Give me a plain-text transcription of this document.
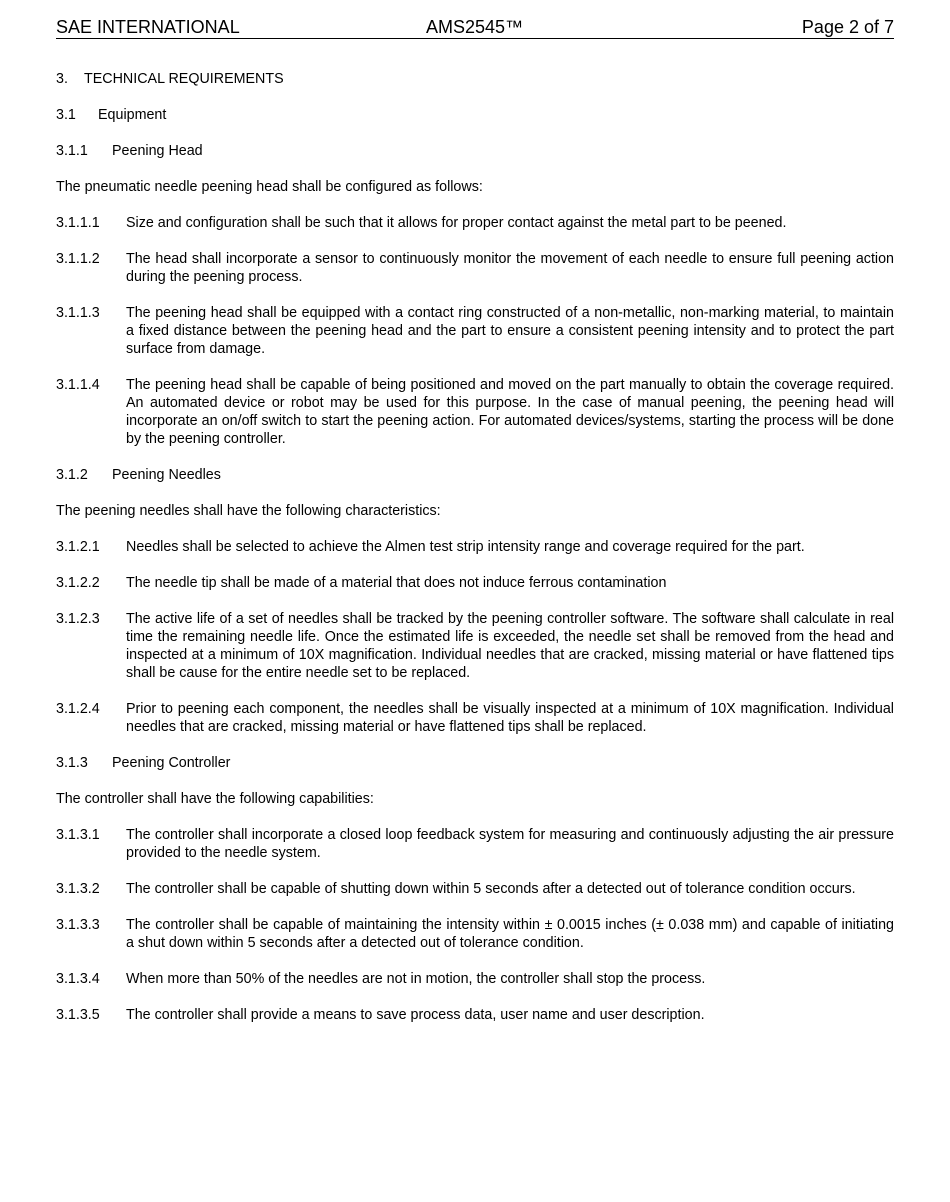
SAE INTERNATIONAL	AMS2545™	Page 2 of 7
3. TECHNICAL REQUIREMENTS
3.1 Equipment
3.1.1 Peening Head

The pneumatic needle peening head shall be configured as follows:

3.1.1.1	Size and configuration shall be such that it allows for proper contact against the metal part to be peened.
3.1.1.2	The head shall incorporate a sensor to continuously monitor the movement of each needle to ensure full peening action during the peening process.
3.1.1.3	The peening head shall be equipped with a contact ring constructed of a non-metallic, non-marking material, to maintain a fixed distance between the peening head and the part to ensure a consistent peening intensity and to protect the part surface from damage.
3.1.1.4	The peening head shall be capable of being positioned and moved on the part manually to obtain the coverage required. An automated device or robot may be used for this purpose. In the case of manual peening, the peening head will incorporate an on/off switch to start the peening action. For automated devices/systems, starting the process will be done by the peening controller.
3.1.2 Peening Needles

The peening needles shall have the following characteristics:

3.1.2.1	Needles shall be selected to achieve the Almen test strip intensity range and coverage required for the part.
3.1.2.2	The needle tip shall be made of a material that does not induce ferrous contamination
3.1.2.3	The active life of a set of needles shall be tracked by the peening controller software. The software shall calculate in real time the remaining needle life. Once the estimated life is exceeded, the needle set shall be removed from the head and inspected at a minimum of 10X magnification. Individual needles that are cracked, missing material or have flattened tips shall be cause for the entire needle set to be replaced.
3.1.2.4	Prior to peening each component, the needles shall be visually inspected at a minimum of 10X magnification. Individual needles that are cracked, missing material or have flattened tips shall be replaced.
3.1.3 Peening Controller

The controller shall have the following capabilities:

3.1.3.1	The controller shall incorporate a closed loop feedback system for measuring and continuously adjusting the air pressure provided to the needle system.
3.1.3.2	The controller shall be capable of shutting down within 5 seconds after a detected out of tolerance condition occurs.
3.1.3.3	The controller shall be capable of maintaining the intensity within ± 0.0015 inches (± 0.038 mm) and capable of initiating a shut down within 5 seconds after a detected out of tolerance condition.
3.1.3.4	When more than 50% of the needles are not in motion, the controller shall stop the process.
3.1.3.5	The controller shall provide a means to save process data, user name and user description.
